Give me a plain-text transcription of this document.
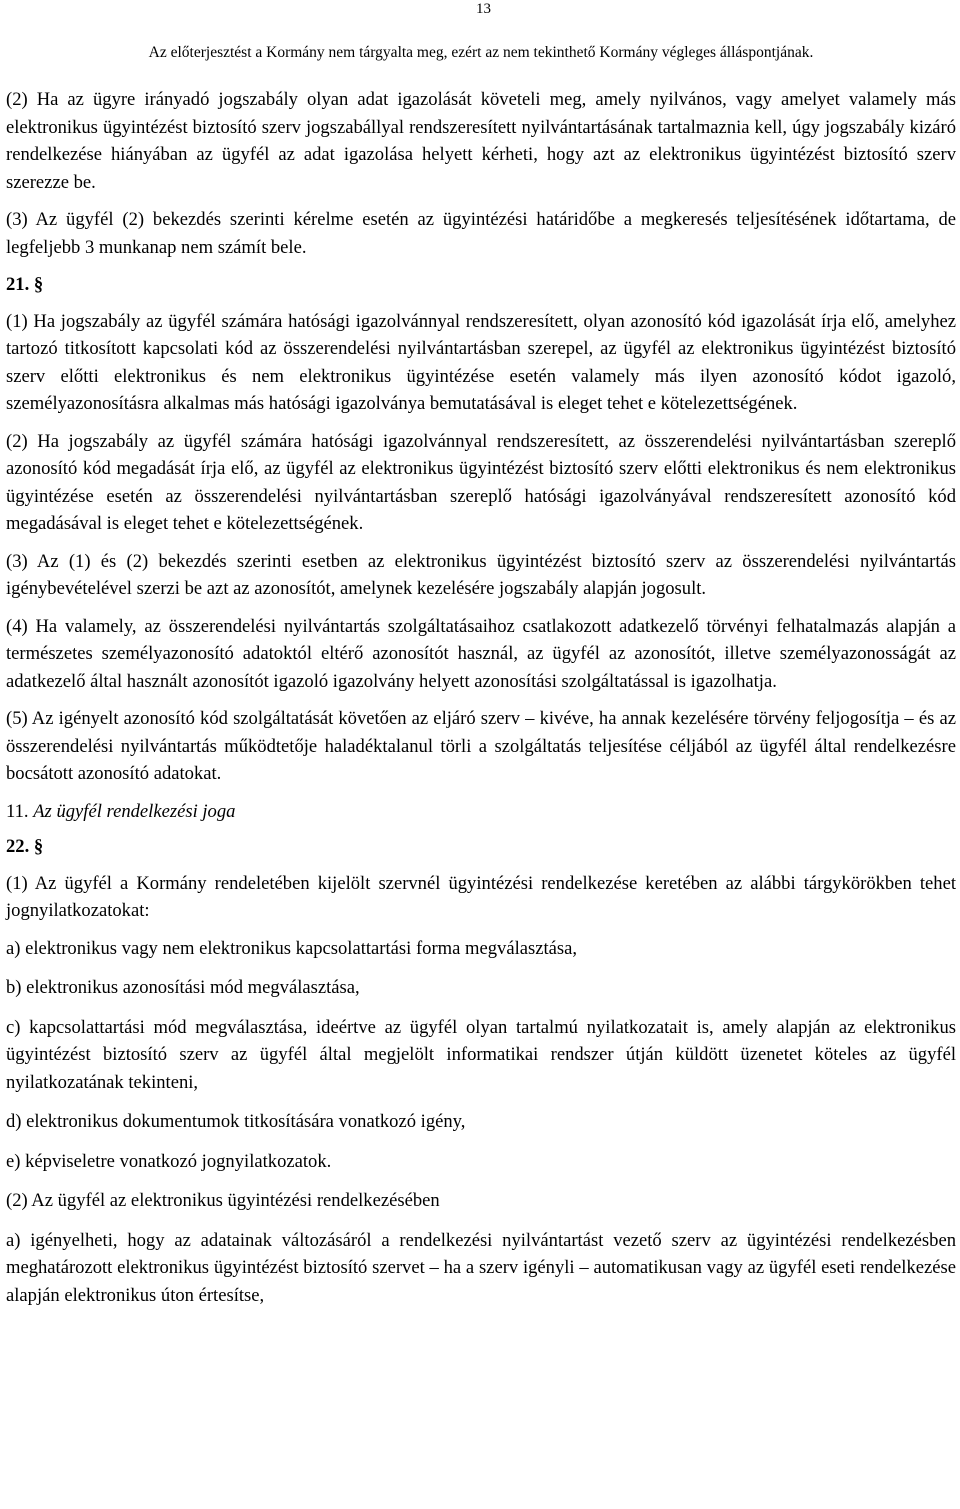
13
Az előterjesztést a Kormány nem tárgyalta meg, ezért az nem tekinthető Kormány végleges álláspontjának.

(2) Ha az ügyre irányadó jogszabály olyan adat igazolását követeli meg, amely nyilvános, vagy amelyet valamely más elektronikus ügyintézést biztosító szerv jogszabállyal rendszeresített nyilvántartásának tartalmaznia kell, úgy jogszabály kizáró rendelkezése hiányában az ügyfél az adat igazolása helyett kérheti, hogy azt az elektronikus ügyintézést biztosító szerv szerezze be.

(3) Az ügyfél (2) bekezdés szerinti kérelme esetén az ügyintézési határidőbe a megkeresés teljesítésének időtartama, de legfeljebb 3 munkanap nem számít bele.

21. §

(1) Ha jogszabály az ügyfél számára hatósági igazolvánnyal rendszeresített, olyan azonosító kód igazolását írja elő, amelyhez tartozó titkosított kapcsolati kód az összerendelési nyilvántartásban szerepel, az ügyfél az elektronikus ügyintézést biztosító szerv előtti elektronikus és nem elektronikus ügyintézése esetén valamely más ilyen azonosító kódot igazoló, személyazonosításra alkalmas más hatósági igazolványa bemutatásával is eleget tehet e kötelezettségének.

(2) Ha jogszabály az ügyfél számára hatósági igazolvánnyal rendszeresített, az összerendelési nyilvántartásban szereplő azonosító kód megadását írja elő, az ügyfél az elektronikus ügyintézést biztosító szerv előtti elektronikus és nem elektronikus ügyintézése esetén az összerendelési nyilvántartásban szereplő hatósági igazolványával rendszeresített azonosító kód megadásával is eleget tehet e kötelezettségének.

(3) Az (1) és (2) bekezdés szerinti esetben az elektronikus ügyintézést biztosító szerv az összerendelési nyilvántartás igénybevételével szerzi be azt az azonosítót, amelynek kezelésére jogszabály alapján jogosult.

(4) Ha valamely, az összerendelési nyilvántartás szolgáltatásaihoz csatlakozott adatkezelő törvényi felhatalmazás alapján a természetes személyazonosító adatoktól eltérő azonosítót használ, az ügyfél az azonosítót, illetve személyazonosságát az adatkezelő által használt azonosítót igazoló igazolvány helyett azonosítási szolgáltatással is igazolhatja.

(5) Az igényelt azonosító kód szolgáltatását követően az eljáró szerv – kivéve, ha annak kezelésére törvény feljogosítja – és az összerendelési nyilvántartás működtetője haladéktalanul törli a szolgáltatás teljesítése céljából az ügyfél által rendelkezésre bocsátott azonosító adatokat.

11. Az ügyfél rendelkezési joga

22. §

(1) Az ügyfél a Kormány rendeletében kijelölt szervnél ügyintézési rendelkezése keretében az alábbi tárgykörökben tehet jognyilatkozatokat:

a) elektronikus vagy nem elektronikus kapcsolattartási forma megválasztása,

b) elektronikus azonosítási mód megválasztása,

c) kapcsolattartási mód megválasztása, ideértve az ügyfél olyan tartalmú nyilatkozatait is, amely alapján az elektronikus ügyintézést biztosító szerv az ügyfél által megjelölt informatikai rendszer útján küldött üzenetet köteles az ügyfél nyilatkozatának tekinteni,

d) elektronikus dokumentumok titkosítására vonatkozó igény,

e) képviseletre vonatkozó jognyilatkozatok.

(2) Az ügyfél az elektronikus ügyintézési rendelkezésében

a) igényelheti, hogy az adatainak változásáról a rendelkezési nyilvántartást vezető szerv az ügyintézési rendelkezésben meghatározott elektronikus ügyintézést biztosító szervet – ha a szerv igényli – automatikusan vagy az ügyfél eseti rendelkezése alapján elektronikus úton értesítse,
